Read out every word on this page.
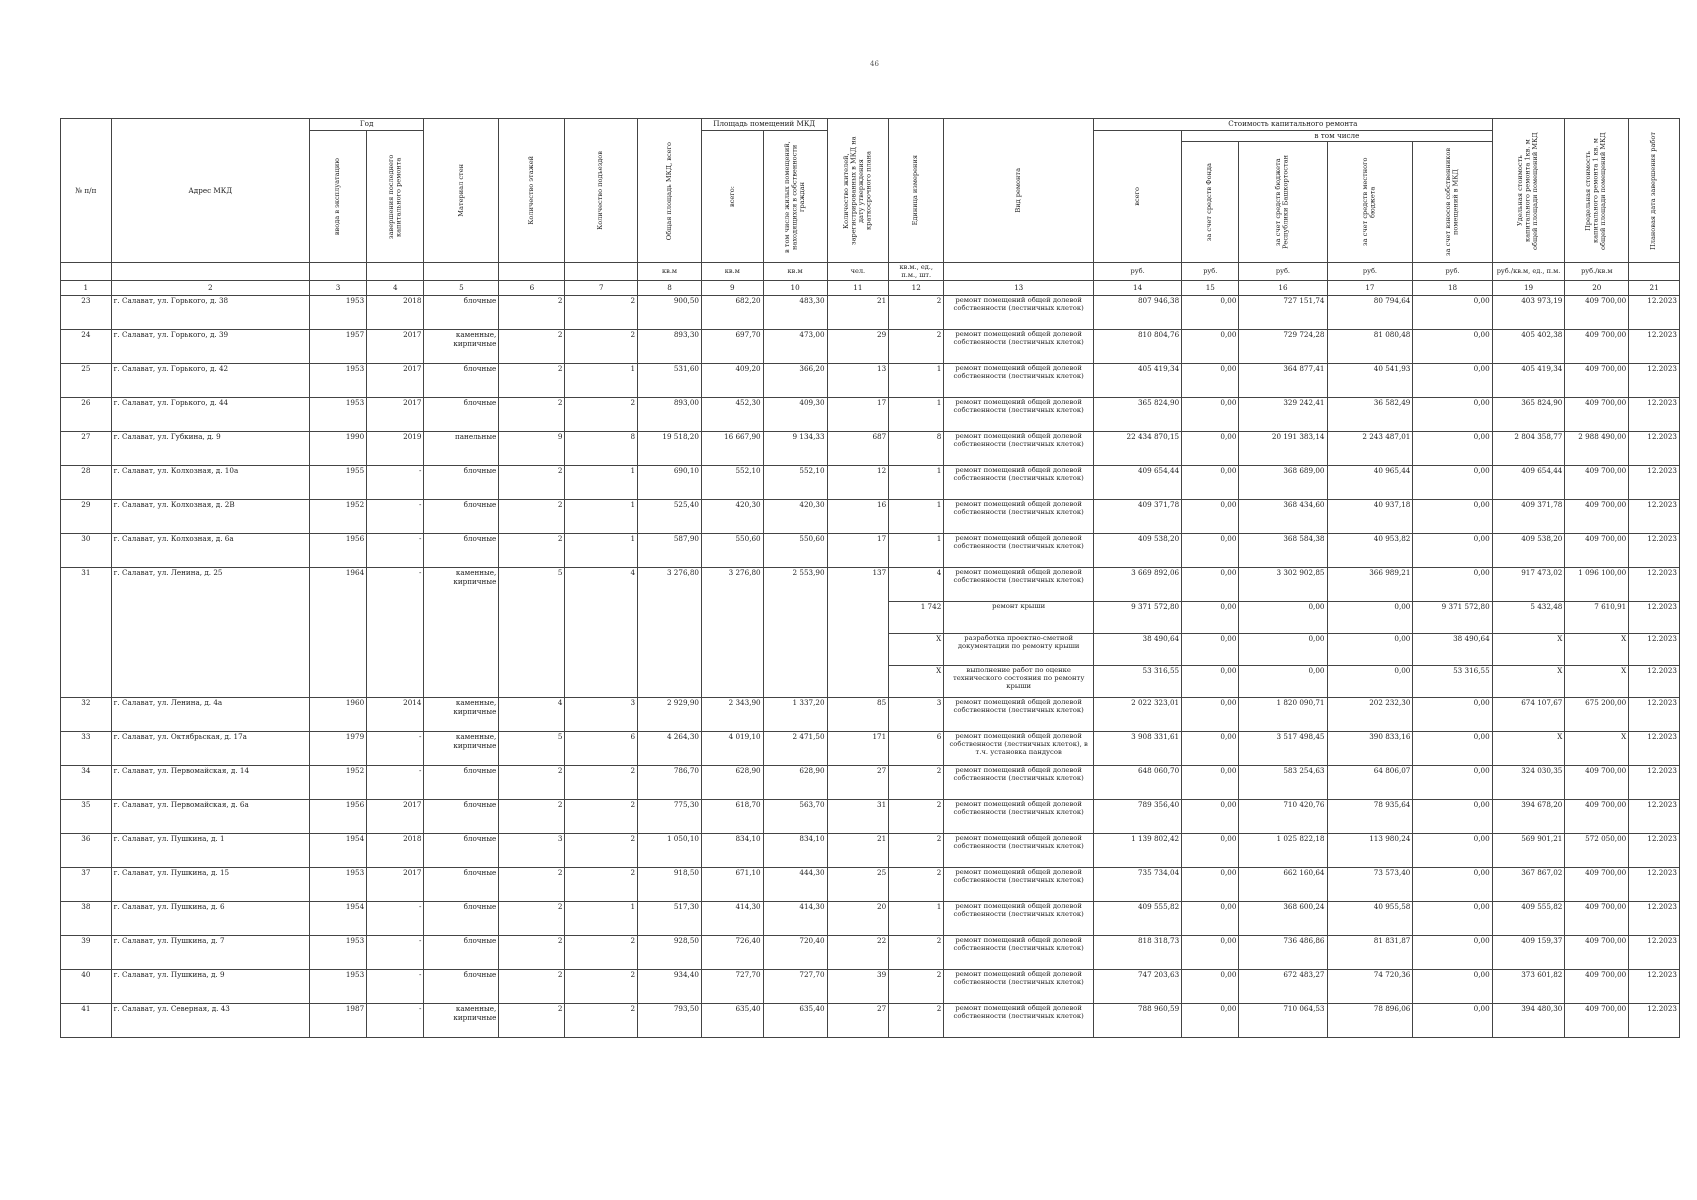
46
№ п/п	Адрес МКД	Год		Материал стен	Количество этажей	Количество подъездов	Общая площадь МКД, всего	Площадь помещений МКД		Количество жителей, зарегистрированных в МКД на дату утверждения краткосрочного плана	Единица измерения	Вид ремонта	Стоимость капитального ремонта					Удельная стоимость капитального ремонта 1кв. м общей площади помещений МКД	Предельная стоимость капитального ремонта 1 кв. м общей площади помещений МКД	Плановая дата завершения работ

		ввода в эксплуатацию	завершения последнего капитального ремонта					всего:	в том числе жилых помещений, находящихся в собственности граждан				всего	в том числе						

														за счет средств Фонда	за счет средств бюджета Республики Башкортостан	за счет средств местного бюджета	за счет взносов собственников помещений в МКД			

							кв.м	кв.м	кв.м	чел.	кв.м., ед., п.м., шт.		руб.	руб.	руб.	руб.	руб.	руб./кв.м, ед., п.м.	руб./кв.м	
1	2	3	4	5	6	7	8	9	10	11	12	13	14	15	16	17	18	19	20	21
23	г. Салават, ул. Горького, д. 38	1953	2018	блочные	2	2	900,50	682,20	483,30	21	2	ремонт помещений общей долевой собственности (лестничных клеток)	807 946,38	0,00	727 151,74	80 794,64	0,00	403 973,19	409 700,00	12.2023
24	г. Салават, ул. Горького, д. 39	1957	2017	каменные, кирпичные	2	2	893,30	697,70	473,00	29	2	ремонт помещений общей долевой собственности (лестничных клеток)	810 804,76	0,00	729 724,28	81 080,48	0,00	405 402,38	409 700,00	12.2023
25	г. Салават, ул. Горького, д. 42	1953	2017	блочные	2	1	531,60	409,20	366,20	13	1	ремонт помещений общей долевой собственности (лестничных клеток)	405 419,34	0,00	364 877,41	40 541,93	0,00	405 419,34	409 700,00	12.2023
26	г. Салават, ул. Горького, д. 44	1953	2017	блочные	2	2	893,00	452,30	409,30	17	1	ремонт помещений общей долевой собственности (лестничных клеток)	365 824,90	0,00	329 242,41	36 582,49	0,00	365 824,90	409 700,00	12.2023
27	г. Салават, ул. Губкина, д. 9	1990	2019	панельные	9	8	19 518,20	16 667,90	9 134,33	687	8	ремонт помещений общей долевой собственности (лестничных клеток)	22 434 870,15	0,00	20 191 383,14	2 243 487,01	0,00	2 804 358,77	2 988 490,00	12.2023
28	г. Салават, ул. Колхозная, д. 10а	1955	-	блочные	2	1	690,10	552,10	552,10	12	1	ремонт помещений общей долевой собственности (лестничных клеток)	409 654,44	0,00	368 689,00	40 965,44	0,00	409 654,44	409 700,00	12.2023
29	г. Салават, ул. Колхозная, д. 2В	1952	-	блочные	2	1	525,40	420,30	420,30	16	1	ремонт помещений общей долевой собственности (лестничных клеток)	409 371,78	0,00	368 434,60	40 937,18	0,00	409 371,78	409 700,00	12.2023
30	г. Салават, ул. Колхозная, д. 6а	1956	-	блочные	2	1	587,90	550,60	550,60	17	1	ремонт помещений общей долевой собственности (лестничных клеток)	409 538,20	0,00	368 584,38	40 953,82	0,00	409 538,20	409 700,00	12.2023
31	г. Салават, ул. Ленина, д. 25	1964	-	каменные, кирпичные	5	4	3 276,80	3 276,80	2 553,90	137	4	ремонт помещений общей долевой собственности (лестничных клеток)	3 669 892,06	0,00	3 302 902,85	366 989,21	0,00	917 473,02	1 096 100,00	12.2023
											1 742	ремонт крыши	9 371 572,80	0,00	0,00	0,00	9 371 572,80	5 432,48	7 610,91	12.2023
											Х	разработка проектно-сметной документации по ремонту крыши	38 490,64	0,00	0,00	0,00	38 490,64	Х	Х	12.2023
											Х	выполнение работ по оценке технического состояния по ремонту крыши	53 316,55	0,00	0,00	0,00	53 316,55	Х	Х	12.2023
32	г. Салават, ул. Ленина, д. 4а	1960	2014	каменные, кирпичные	4	3	2 929,90	2 343,90	1 337,20	85	3	ремонт помещений общей долевой собственности (лестничных клеток)	2 022 323,01	0,00	1 820 090,71	202 232,30	0,00	674 107,67	675 200,00	12.2023
33	г. Салават, ул. Октябрьская, д. 17а	1979	-	каменные, кирпичные	5	6	4 264,30	4 019,10	2 471,50	171	6	ремонт помещений общей долевой собственности (лестничных клеток), в т.ч. установка пандусов	3 908 331,61	0,00	3 517 498,45	390 833,16	0,00	Х	Х	12.2023
34	г. Салават, ул. Первомайская, д. 14	1952	-	блочные	2	2	786,70	628,90	628,90	27	2	ремонт помещений общей долевой собственности (лестничных клеток)	648 060,70	0,00	583 254,63	64 806,07	0,00	324 030,35	409 700,00	12.2023
35	г. Салават, ул. Первомайская, д. 6а	1956	2017	блочные	2	2	775,30	618,70	563,70	31	2	ремонт помещений общей долевой собственности (лестничных клеток)	789 356,40	0,00	710 420,76	78 935,64	0,00	394 678,20	409 700,00	12.2023
36	г. Салават, ул. Пушкина, д. 1	1954	2018	блочные	3	2	1 050,10	834,10	834,10	21	2	ремонт помещений общей долевой собственности (лестничных клеток)	1 139 802,42	0,00	1 025 822,18	113 980,24	0,00	569 901,21	572 050,00	12.2023
37	г. Салават, ул. Пушкина, д. 15	1953	2017	блочные	2	2	918,50	671,10	444,30	25	2	ремонт помещений общей долевой собственности (лестничных клеток)	735 734,04	0,00	662 160,64	73 573,40	0,00	367 867,02	409 700,00	12.2023
38	г. Салават, ул. Пушкина, д. 6	1954	-	блочные	2	1	517,30	414,30	414,30	20	1	ремонт помещений общей долевой собственности (лестничных клеток)	409 555,82	0,00	368 600,24	40 955,58	0,00	409 555,82	409 700,00	12.2023
39	г. Салават, ул. Пушкина, д. 7	1953	-	блочные	2	2	928,50	726,40	720,40	22	2	ремонт помещений общей долевой собственности (лестничных клеток)	818 318,73	0,00	736 486,86	81 831,87	0,00	409 159,37	409 700,00	12.2023
40	г. Салават, ул. Пушкина, д. 9	1953	-	блочные	2	2	934,40	727,70	727,70	39	2	ремонт помещений общей долевой собственности (лестничных клеток)	747 203,63	0,00	672 483,27	74 720,36	0,00	373 601,82	409 700,00	12.2023
41	г. Салават, ул. Северная, д. 43	1987	-	каменные, кирпичные	2	2	793,50	635,40	635,40	27	2	ремонт помещений общей долевой собственности (лестничных клеток)	788 960,59	0,00	710 064,53	78 896,06	0,00	394 480,30	409 700,00	12.2023
